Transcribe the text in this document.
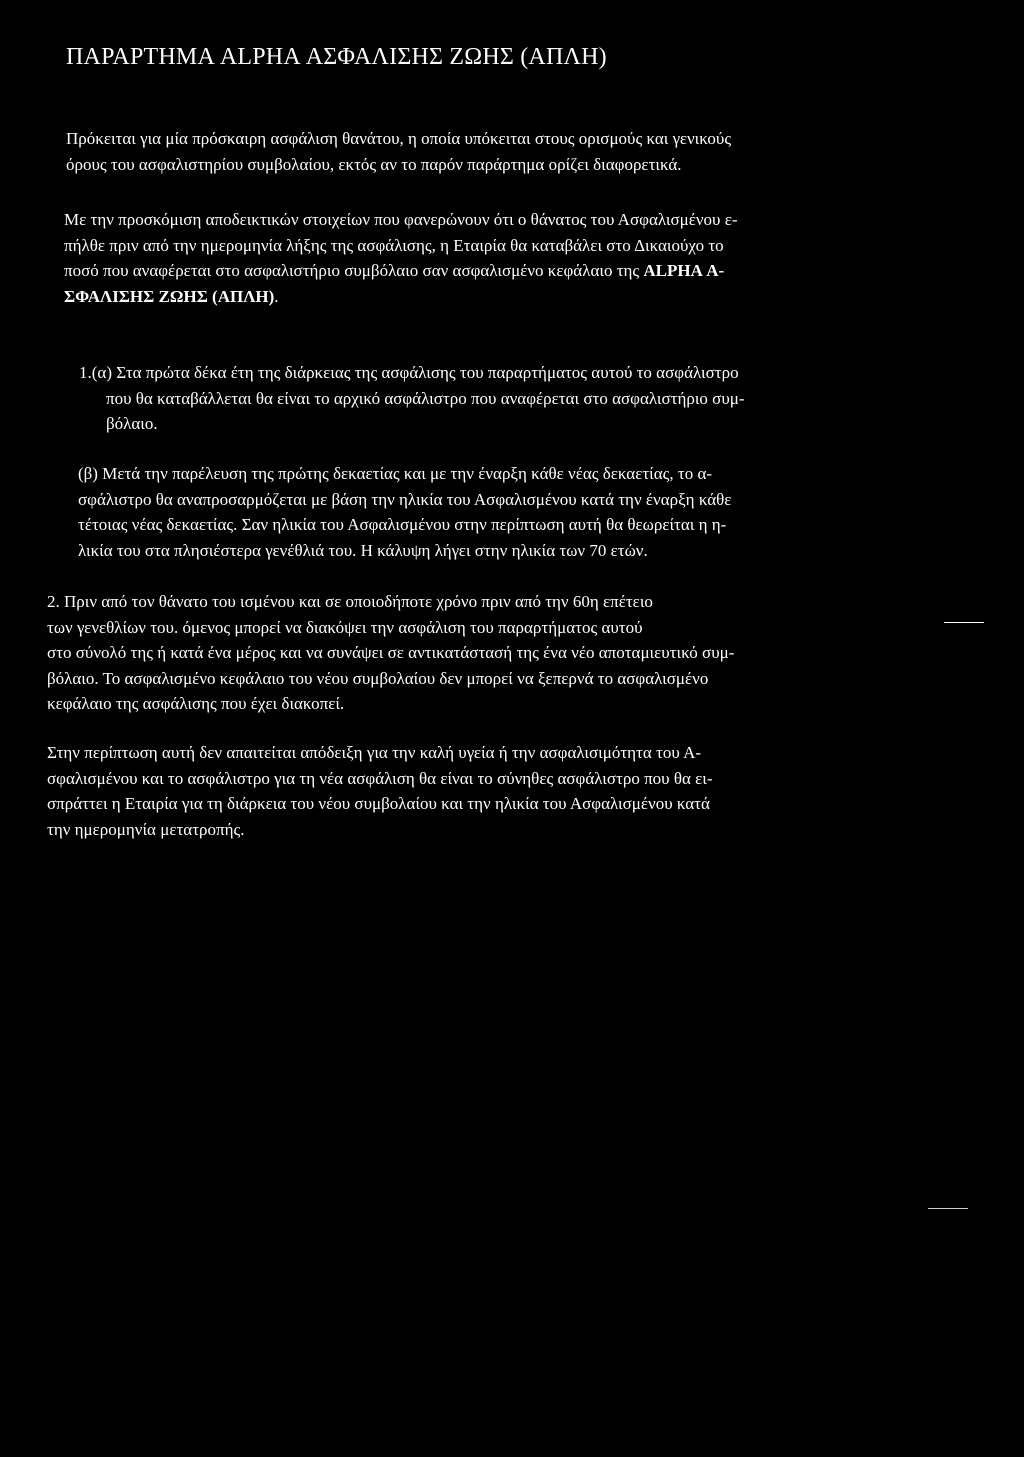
ΠΑΡΑΡΤΗΜΑ ALPHA ΑΣΦΑΛΙΣΗΣ ΖΩΗΣ (ΑΠΛΗ)

Πρόκειται για μία πρόσκαιρη ασφάλιση θανάτου, η οποία υπόκειται στους ορισμούς και γενικούς
όρους του ασφαλιστηρίου συμβολαίου, εκτός αν το παρόν παράρτημα ορίζει διαφορετικά.

Με την προσκόμιση αποδεικτικών στοιχείων που φανερώνουν ότι ο θάνατος του Ασφαλισμένου ε-
πήλθε πριν από την ημερομηνία λήξης της ασφάλισης, η Εταιρία θα καταβάλει στο Δικαιούχο το
ποσό που αναφέρεται στο ασφαλιστήριο συμβόλαιο σαν ασφαλισμένο κεφάλαιο της ALPHA Α-
ΣΦΑΛΙΣΗΣ ΖΩΗΣ (ΑΠΛΗ).

1.(α) Στα πρώτα δέκα έτη της διάρκειας της ασφάλισης του παραρτήματος αυτού το ασφάλιστρο
που θα καταβάλλεται θα είναι το αρχικό ασφάλιστρο που αναφέρεται στο ασφαλιστήριο συμ-
βόλαιο.

(β) Μετά την παρέλευση της πρώτης δεκαετίας και με την έναρξη κάθε νέας δεκαετίας, το α-
σφάλιστρο θα αναπροσαρμόζεται με βάση την ηλικία του Ασφαλισμένου κατά την έναρξη κάθε
τέτοιας νέας δεκαετίας. Σαν ηλικία του Ασφαλισμένου στην περίπτωση αυτή θα θεωρείται η η-
λικία του στα πλησιέστερα γενέθλιά του. Η κάλυψη λήγει στην ηλικία των 70 ετών.

2. Πριν από τον θάνατο του ισμένου και σε οποιοδήποτε χρόνο πριν από την 60η επέτειο
των γενεθλίων του. όμενος μπορεί να διακόψει την ασφάλιση του παραρτήματος αυτού
στο σύνολό της ή κατά ένα μέρος και να συνάψει σε αντικατάστασή της ένα νέο αποταμιευτικό συμ-
βόλαιο. Το ασφαλισμένο κεφάλαιο του νέου συμβολαίου δεν μπορεί να ξεπερνά το ασφαλισμένο
κεφάλαιο της ασφάλισης που έχει διακοπεί.

Στην περίπτωση αυτή δεν απαιτείται απόδειξη για την καλή υγεία ή την ασφαλισιμότητα του Α-
σφαλισμένου και το ασφάλιστρο για τη νέα ασφάλιση θα είναι το σύνηθες ασφάλιστρο που θα ει-
σπράττει η Εταιρία για τη διάρκεια του νέου συμβολαίου και την ηλικία του Ασφαλισμένου κατά
την ημερομηνία μετατροπής.
